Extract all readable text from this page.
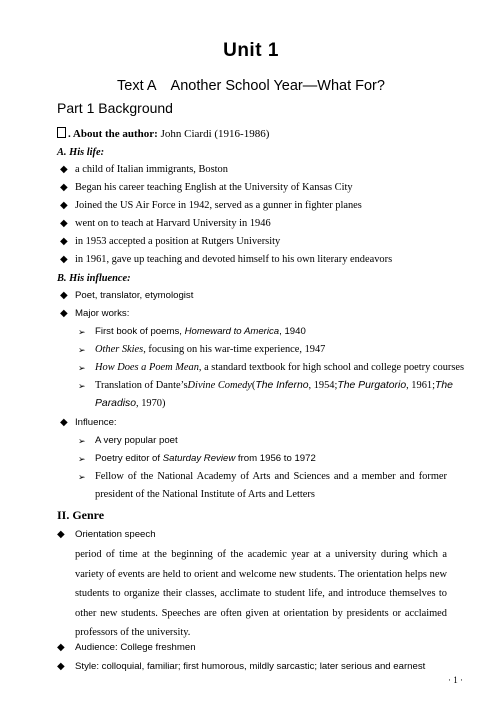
Unit 1
Text A Another School Year—What For?
Part 1 Background
. About the author: John Ciardi (1916-1986)
A. His life:
◆ a child of Italian immigrants, Boston
◆ Began his career teaching English at the University of Kansas City
◆ Joined the US Air Force in 1942, served as a gunner in fighter planes
◆ went on to teach at Harvard University in 1946
◆ in 1953 accepted a position at Rutgers University
◆ in 1961, gave up teaching and devoted himself to his own literary endeavors
B. His influence:
◆ Poet, translator, etymologist
◆ Major works:
➢ First book of poems, Homeward to America, 1940
➢ Other Skies, focusing on his war-time experience, 1947
➢ How Does a Poem Mean, a standard textbook for high school and college poetry courses
➢ Translation of Dante’s Divine Comedy ( The Inferno , 1954; The Purgatorio , 1961; The
Paradiso, 1970)
◆ Influence:
➢ A very popular poet
➢ Poetry editor of Saturday Review from 1956 to 1972
➢ Fellow of the National Academy of Arts and Sciences and a member and former
president of the National Institute of Arts and Letters
II. Genre
◆ Orientation speech
period of time at the beginning of the academic year at a university during which a variety of events are held to orient and welcome new students. The orientation helps new students to organize their classes, acclimate to student life, and introduce themselves to other new students. Speeches are often given at orientation by presidents or acclaimed professors of the university.
◆ Audience: College freshmen
◆ Style: colloquial, familiar; first humorous, mildly sarcastic; later serious and earnest
· 1 ·
